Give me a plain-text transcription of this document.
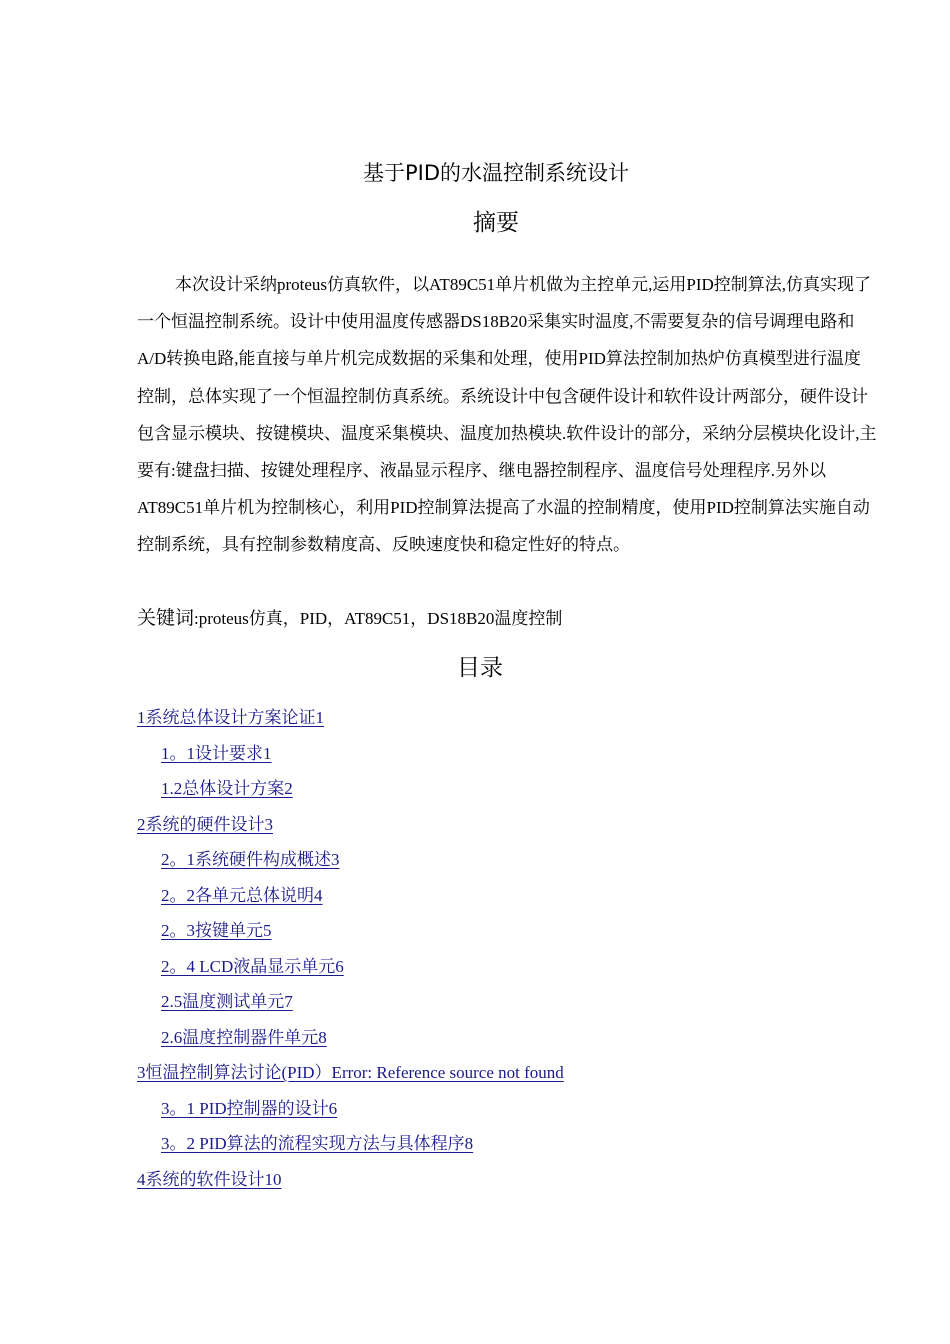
基于PID的水温控制系统设计
摘要

本次设计采纳proteus仿真软件，以AT89C51单片机做为主控单元,运用PID控制算法,仿真实现了一个恒温控制系统。设计中使用温度传感器DS18B20采集实时温度,不需要复杂的信号调理电路和A/D转换电路,能直接与单片机完成数据的采集和处理，使用PID算法控制加热炉仿真模型进行温度控制，总体实现了一个恒温控制仿真系统。系统设计中包含硬件设计和软件设计两部分，硬件设计包含显示模块、按键模块、温度采集模块、温度加热模块.软件设计的部分，采纳分层模块化设计,主要有:键盘扫描、按键处理程序、液晶显示程序、继电器控制程序、温度信号处理程序.另外以AT89C51单片机为控制核心，利用PID控制算法提高了水温的控制精度，使用PID控制算法实施自动控制系统，具有控制参数精度高、反映速度快和稳定性好的特点。

关键词:proteus仿真，PID，AT89C51，DS18B20温度控制
目录
1系统总体设计方案论证1
1。1设计要求1
1.2总体设计方案2
2系统的硬件设计3
2。1系统硬件构成概述3
2。2各单元总体说明4
2。3按键单元5
2。4 LCD液晶显示单元6
2.5温度测试单元7
2.6温度控制器件单元8
3恒温控制算法讨论(PID）Error: Reference source not found
3。1 PID控制器的设计6
3。2 PID算法的流程实现方法与具体程序8
4系统的软件设计10
